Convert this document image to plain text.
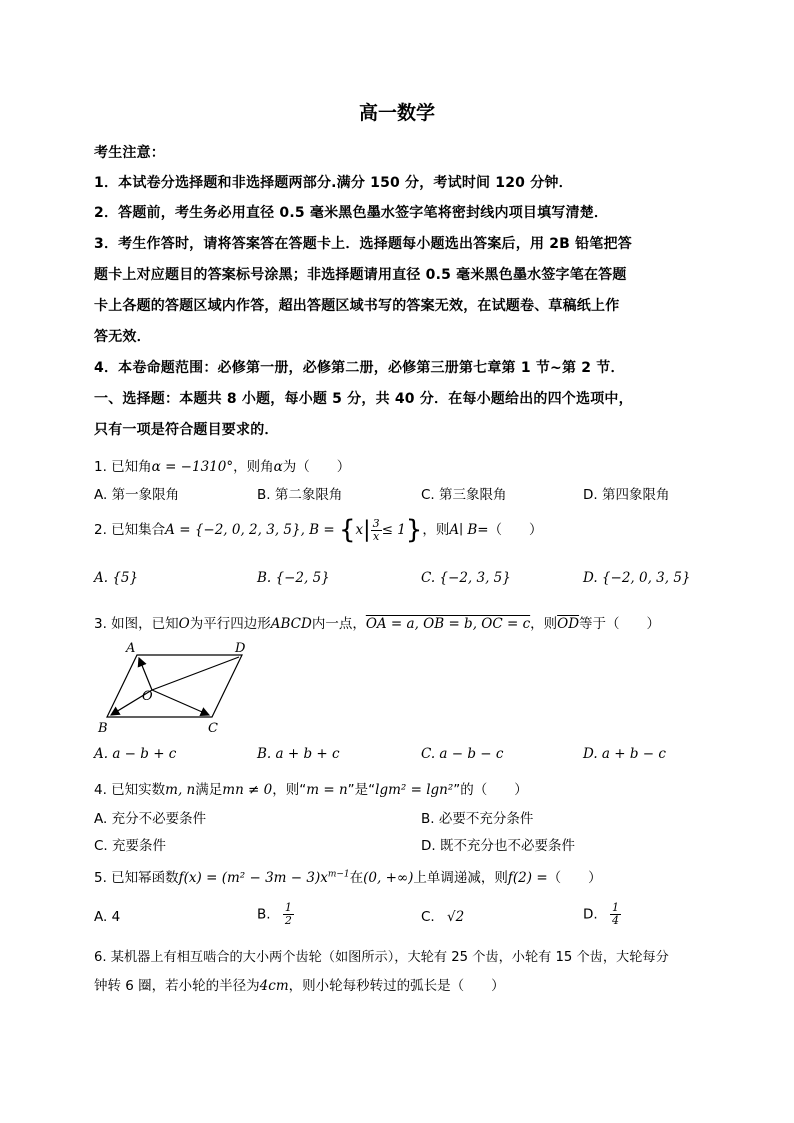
高一数学
考生注意：
1．本试卷分选择题和非选择题两部分.满分 150 分，考试时间 120 分钟．
2．答题前，考生务必用直径 0.5 毫米黑色墨水签字笔将密封线内项目填写清楚．
3．考生作答时，请将答案答在答题卡上．选择题每小题选出答案后，用 2B 铅笔把答
题卡上对应题目的答案标号涂黑；非选择题请用直径 0.5 毫米黑色墨水签字笔在答题
卡上各题的答题区域内作答，超出答题区域书写的答案无效，在试题卷、草稿纸上作
答无效．
4．本卷命题范围：必修第一册，必修第二册，必修第三册第七章第 1 节~第 2 节．
一、选择题：本题共 8 小题，每小题 5 分，共 40 分．在每小题给出的四个选项中，
只有一项是符合题目要求的．
1. 已知角α = −1310°，则角α为（　　）
A. 第一象限角	B. 第二象限角	C. 第三象限角	D. 第四象限角
2. 已知集合A = {−2, 0, 2, 3, 5}, $B = \{x| \frac{3}{x} \le 1\}$，则A∣ B=（　　）
A. {5}	B. {−2, 5}	C. {−2, 3, 5}	D. {−2, 0, 3, 5}
3. 如图，已知O为平行四边形ABCD内一点，OA = a, OB = b, OC = c，则$\overline{OD}$等于（　　）
A	D
O
B	C
A. a − b + c	B. a + b + c	C. a − b − c	D. a + b − c
4. 已知实数m, n满足mn ≠ 0，则“m = n”是“lgm² = lgn²”的（　　）
A. 充分不必要条件	B. 必要不充分条件
C. 充要条件	D. 既不充分也不必要条件
5. 已知幂函数$f(x) = (m^2 - 3m - 3)x^{m-1}$在(0, +∞)上单调递减，则f(2) =（　　）
A. 4	B. $\frac{1}{2}$	C. √2	D. $\frac{1}{4}$
6. 某机器上有相互啮合的大小两个齿轮（如图所示），大轮有 25 个齿，小轮有 15 个齿，大轮每分
钟转 6 圈，若小轮的半径为4cm，则小轮每秒转过的弧长是（　　）
